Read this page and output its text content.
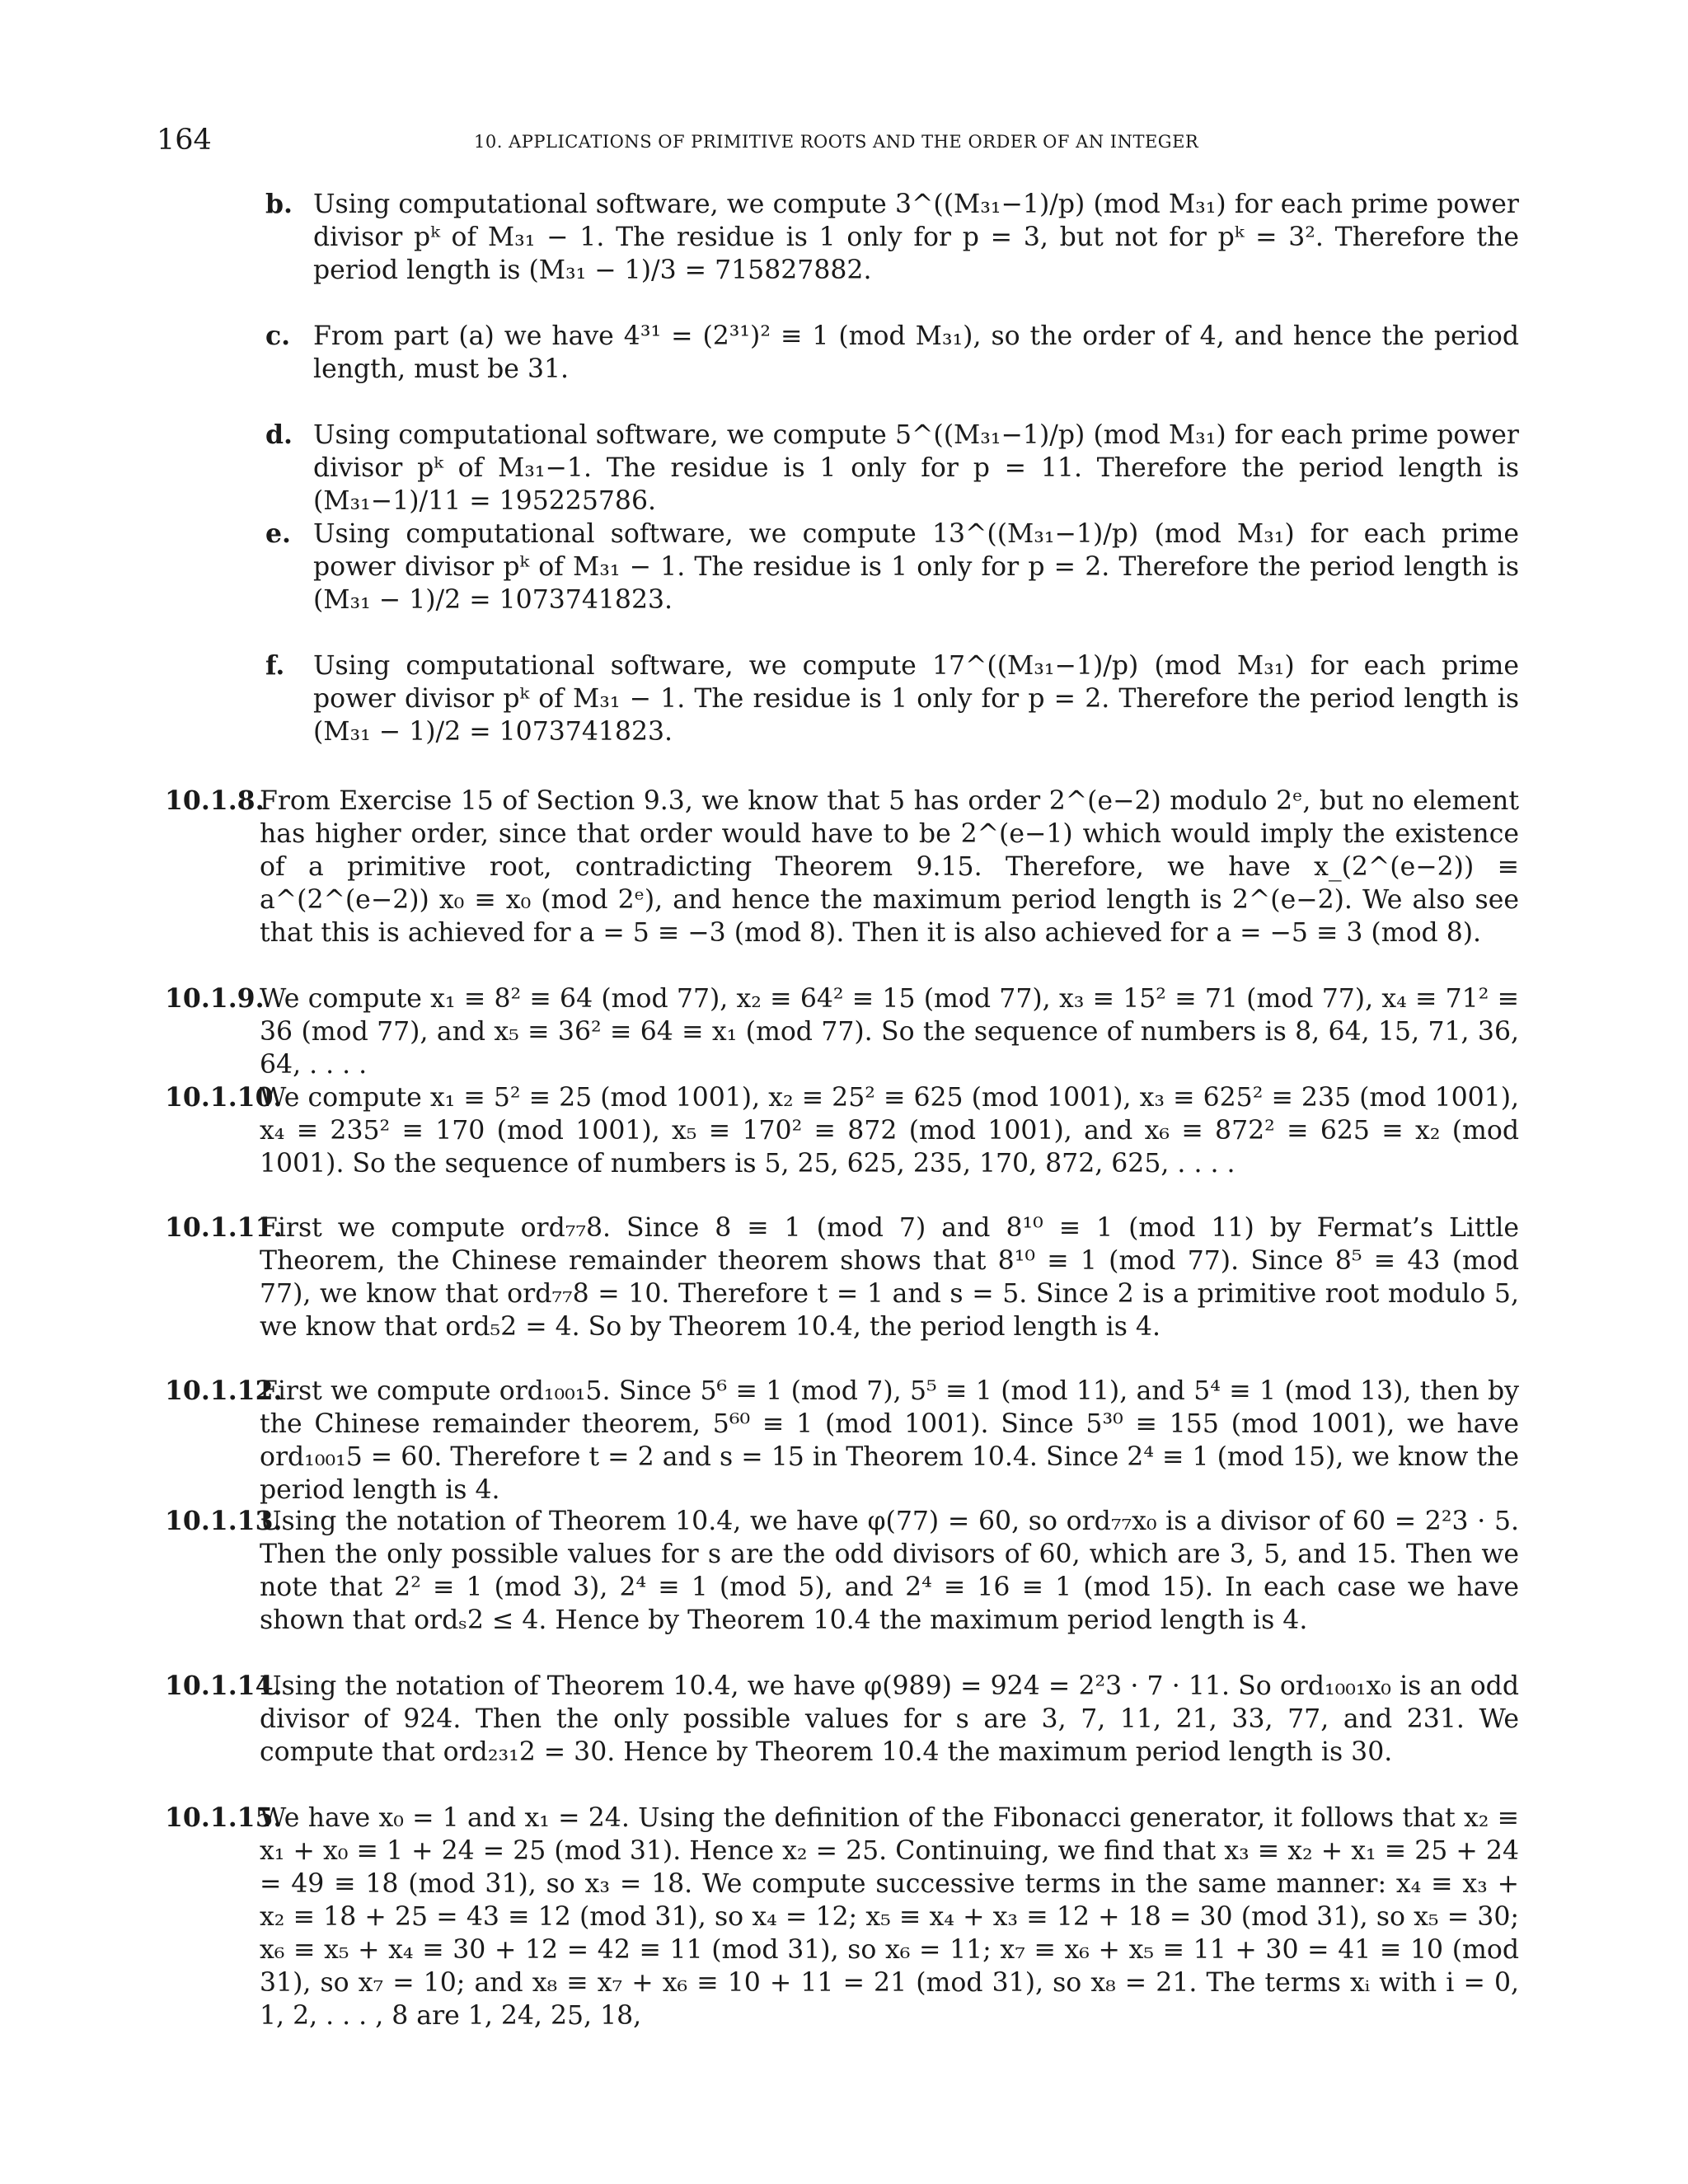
164	10. APPLICATIONS OF PRIMITIVE ROOTS AND THE ORDER OF AN INTEGER
b. Using computational software, we compute 3^((M₃₁−1)/p) (mod M₃₁) for each prime power divisor pᵏ of M₃₁ − 1. The residue is 1 only for p = 3, but not for pᵏ = 3². Therefore the period length is (M₃₁ − 1)/3 = 715827882.
c. From part (a) we have 4³¹ = (2³¹)² ≡ 1 (mod M₃₁), so the order of 4, and hence the period length, must be 31.
d. Using computational software, we compute 5^((M₃₁−1)/p) (mod M₃₁) for each prime power divisor pᵏ of M₃₁−1. The residue is 1 only for p = 11. Therefore the period length is (M₃₁−1)/11 = 195225786.
e. Using computational software, we compute 13^((M₃₁−1)/p) (mod M₃₁) for each prime power divisor pᵏ of M₃₁ − 1. The residue is 1 only for p = 2. Therefore the period length is (M₃₁ − 1)/2 = 1073741823.
f. Using computational software, we compute 17^((M₃₁−1)/p) (mod M₃₁) for each prime power divisor pᵏ of M₃₁ − 1. The residue is 1 only for p = 2. Therefore the period length is (M₃₁ − 1)/2 = 1073741823.
10.1.8.
From Exercise 15 of Section 9.3, we know that 5 has order 2^(e−2) modulo 2ᵉ, but no element has higher order, since that order would have to be 2^(e−1) which would imply the existence of a primitive root, contradicting Theorem 9.15. Therefore, we have x_(2^(e−2)) ≡ a^(2^(e−2)) x₀ ≡ x₀ (mod 2ᵉ), and hence the maximum period length is 2^(e−2). We also see that this is achieved for a = 5 ≡ −3 (mod 8). Then it is also achieved for a = −5 ≡ 3 (mod 8).
10.1.9.
We compute x₁ ≡ 8² ≡ 64 (mod 77), x₂ ≡ 64² ≡ 15 (mod 77), x₃ ≡ 15² ≡ 71 (mod 77), x₄ ≡ 71² ≡ 36 (mod 77), and x₅ ≡ 36² ≡ 64 ≡ x₁ (mod 77). So the sequence of numbers is 8, 64, 15, 71, 36, 64, . . . .
10.1.10.
We compute x₁ ≡ 5² ≡ 25 (mod 1001), x₂ ≡ 25² ≡ 625 (mod 1001), x₃ ≡ 625² ≡ 235 (mod 1001), x₄ ≡ 235² ≡ 170 (mod 1001), x₅ ≡ 170² ≡ 872 (mod 1001), and x₆ ≡ 872² ≡ 625 ≡ x₂ (mod 1001). So the sequence of numbers is 5, 25, 625, 235, 170, 872, 625, . . . .
10.1.11.
First we compute ord₇₇8. Since 8 ≡ 1 (mod 7) and 8¹⁰ ≡ 1 (mod 11) by Fermat’s Little Theorem, the Chinese remainder theorem shows that 8¹⁰ ≡ 1 (mod 77). Since 8⁵ ≡ 43 (mod 77), we know that ord₇₇8 = 10. Therefore t = 1 and s = 5. Since 2 is a primitive root modulo 5, we know that ord₅2 = 4. So by Theorem 10.4, the period length is 4.
10.1.12.
First we compute ord₁₀₀₁5. Since 5⁶ ≡ 1 (mod 7), 5⁵ ≡ 1 (mod 11), and 5⁴ ≡ 1 (mod 13), then by the Chinese remainder theorem, 5⁶⁰ ≡ 1 (mod 1001). Since 5³⁰ ≡ 155 (mod 1001), we have ord₁₀₀₁5 = 60. Therefore t = 2 and s = 15 in Theorem 10.4. Since 2⁴ ≡ 1 (mod 15), we know the period length is 4.
10.1.13.
Using the notation of Theorem 10.4, we have φ(77) = 60, so ord₇₇x₀ is a divisor of 60 = 2²3 · 5. Then the only possible values for s are the odd divisors of 60, which are 3, 5, and 15. Then we note that 2² ≡ 1 (mod 3), 2⁴ ≡ 1 (mod 5), and 2⁴ ≡ 16 ≡ 1 (mod 15). In each case we have shown that ordₛ2 ≤ 4. Hence by Theorem 10.4 the maximum period length is 4.
10.1.14.
Using the notation of Theorem 10.4, we have φ(989) = 924 = 2²3 · 7 · 11. So ord₁₀₀₁x₀ is an odd divisor of 924. Then the only possible values for s are 3, 7, 11, 21, 33, 77, and 231. We compute that ord₂₃₁2 = 30. Hence by Theorem 10.4 the maximum period length is 30.
10.1.15.
We have x₀ = 1 and x₁ = 24. Using the definition of the Fibonacci generator, it follows that x₂ ≡ x₁ + x₀ ≡ 1 + 24 = 25 (mod 31). Hence x₂ = 25. Continuing, we find that x₃ ≡ x₂ + x₁ ≡ 25 + 24 = 49 ≡ 18 (mod 31), so x₃ = 18. We compute successive terms in the same manner: x₄ ≡ x₃ + x₂ ≡ 18 + 25 = 43 ≡ 12 (mod 31), so x₄ = 12; x₅ ≡ x₄ + x₃ ≡ 12 + 18 = 30 (mod 31), so x₅ = 30; x₆ ≡ x₅ + x₄ ≡ 30 + 12 = 42 ≡ 11 (mod 31), so x₆ = 11; x₇ ≡ x₆ + x₅ ≡ 11 + 30 = 41 ≡ 10 (mod 31), so x₇ = 10; and x₈ ≡ x₇ + x₆ ≡ 10 + 11 = 21 (mod 31), so x₈ = 21. The terms xᵢ with i = 0, 1, 2, . . . , 8 are 1, 24, 25, 18,
